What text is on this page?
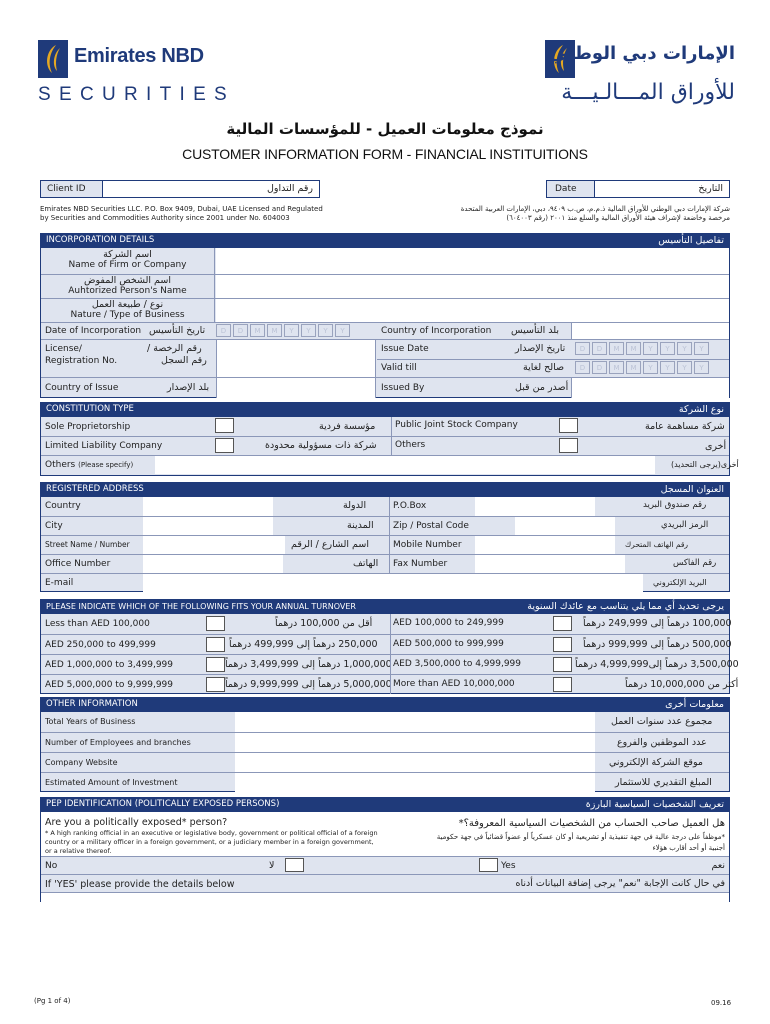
Emirates NBD
SECURITIES
الإمارات دبي الوطني
للأوراق المـــالـيـــة
نموذج معلومات العميل - للمؤسسات المالية
CUSTOMER INFORMATION FORM - FINANCIAL INSTITUITIONS
Client ID	رقم التداول	Date	التاريخ
Emirates NBD Securities LLC. P.O. Box 9409, Dubai, UAE Licensed and Regulated
by Securities and Commodities Authority since 2001 under No. 604003
شركة الإمارات دبي الوطني للأوراق المالية ذ.م.م، ص.ب ٩٤٠٩، دبي، الإمارات العربية المتحدة
مرخصة وخاضعة لإشراف هيئة الأوراق المالية والسلع منذ ٢٠٠١ (رقم ٦٠٤٠٠٣)
INCORPORATION DETAILS	تفاصيل التأسيس
اسم الشركة
Name of Firm or Company
اسم الشخص المفوض
Auhtorized Person's Name
نوع / طبيعة العمل
Nature / Type of Business
Date of Incorporation تاريخ التأسيس	D D M M Y Y Y Y	Country of Incorporation بلد التأسيس
License/
Registration No.
رقم الرخصة /
رقم السجل
Issue Date	تاريخ الإصدار	D D M M Y Y Y Y
Valid till	صالح لغاية	D D M M Y Y Y Y
Country of Issue	بلد الإصدار	Issued By	أصدر من قبل
CONSTITUTION TYPE	نوع الشركة
Sole Proprietorship	مؤسسة فردية Public Joint Stock Company	شركة مساهمة عامة
Limited Liability Company	شركة ذات مسؤولية محدودة Others	أخرى
Others (Please specify)	أخرى(يرجى التحديد)
REGISTERED ADDRESS	العنوان المسجل
Country	الدولة	P.O.Box	رقم صندوق البريد
City	المدينة Zip / Postal Code	الرمز البريدي
Street Name / Number	اسم الشارع / الرقم	Mobile Number	رقم الهاتف المتحرك
Office Number	الهاتف Fax Number	رقم الفاكس
E-mail	البريد الإلكتروني
PLEASE INDICATE WHICH OF THE FOLLOWING FITS YOUR ANNUAL TURNOVER	يرجى تحديد أي مما يلي يتناسب مع عائدك السنوية
Less than AED 100,000	أقل من 100,000 درهماً AED 100,000 to 249,999	100,000 درهماً إلى 249,999 درهماً
AED 250,000 to 499,999	250,000 درهماً إلى 499,999 درهماً AED 500,000 to 999,999	500,000 درهماً إلى 999,999 درهماً
AED 1,000,000 to 3,499,999	1,000,000 درهماً إلى 3,499,999 درهماً AED 3,500,000 to 4,999,999	3,500,000 درهماً إلى4,999,999 درهماً
AED 5,000,000 to 9,999,999	5,000,000 درهماً إلى 9,999,999 درهماً More than AED 10,000,000	أكثر من 10,000,000 درهماً
OTHER INFORMATION	معلومات أخرى
Total Years of Business	مجموع عدد سنوات العمل
Number of Employees and branches	عدد الموظفين والفروع
Company Website	موقع الشركة الإلكتروني
Estimated Amount of Investment	المبلغ التقديري للاستثمار
PEP IDENTIFICATION (POLITICALLY EXPOSED PERSONS)	تعريف الشخصيات السياسية البارزة
Are you a politically exposed* person?
* A high ranking official in an executive or legislative body, government or political official of a foreign
country or a military officer in a foreign government, or a judiciary member in a foreign government,
or a relative thereof.
هل العميل صاحب الحساب من الشخصيات السياسية المعروفة؟*
*موظفاً على درجة عالية في جهة تنفيذية أو تشريعية أو كان عسكرياً أو عضواً قضائياً في جهة حكومية
أجنبية أو أحد أقارب هؤلاء
No	لا	Yes	نعم
If 'YES' please provide the details below	في حال كانت الإجابة "نعم" يرجى إضافة البيانات أدناه
(Pg 1 of 4)	09.16
